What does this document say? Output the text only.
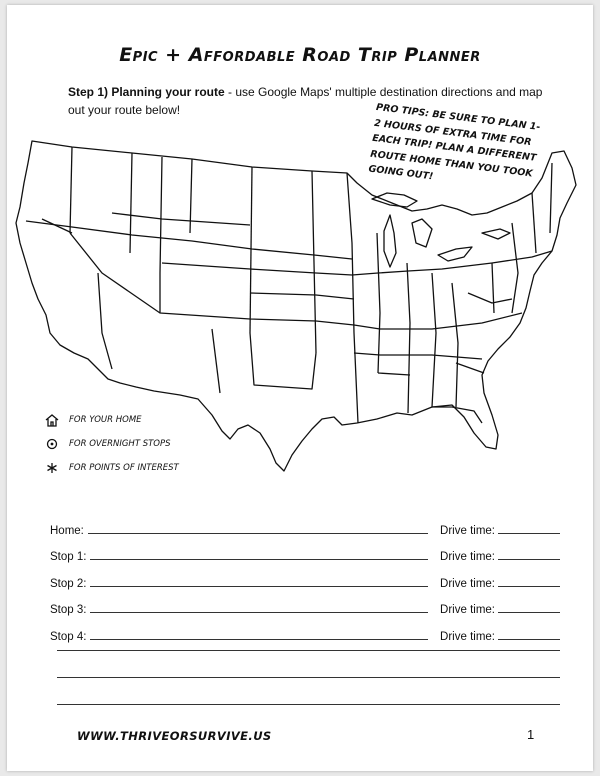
Epic + Affordable Road Trip Planner
Step 1) Planning your route - use Google Maps' multiple destination directions and map out your route below!	PRO TIPS: BE SURE TO PLAN 1-2 HOURS OF EXTRA TIME FOR EACH TRIP! PLAN A DIFFERENT ROUTE HOME THAN YOU TOOK GOING OUT!
FOR YOUR HOME
FOR OVERNIGHT STOPS
FOR POINTS OF INTEREST
Home:	Drive time:
Stop 1:	Drive time:
Stop 2:	Drive time:
Stop 3:	Drive time:
Stop 4:	Drive time:
WWW.THRIVEORSURVIVE.US	1
